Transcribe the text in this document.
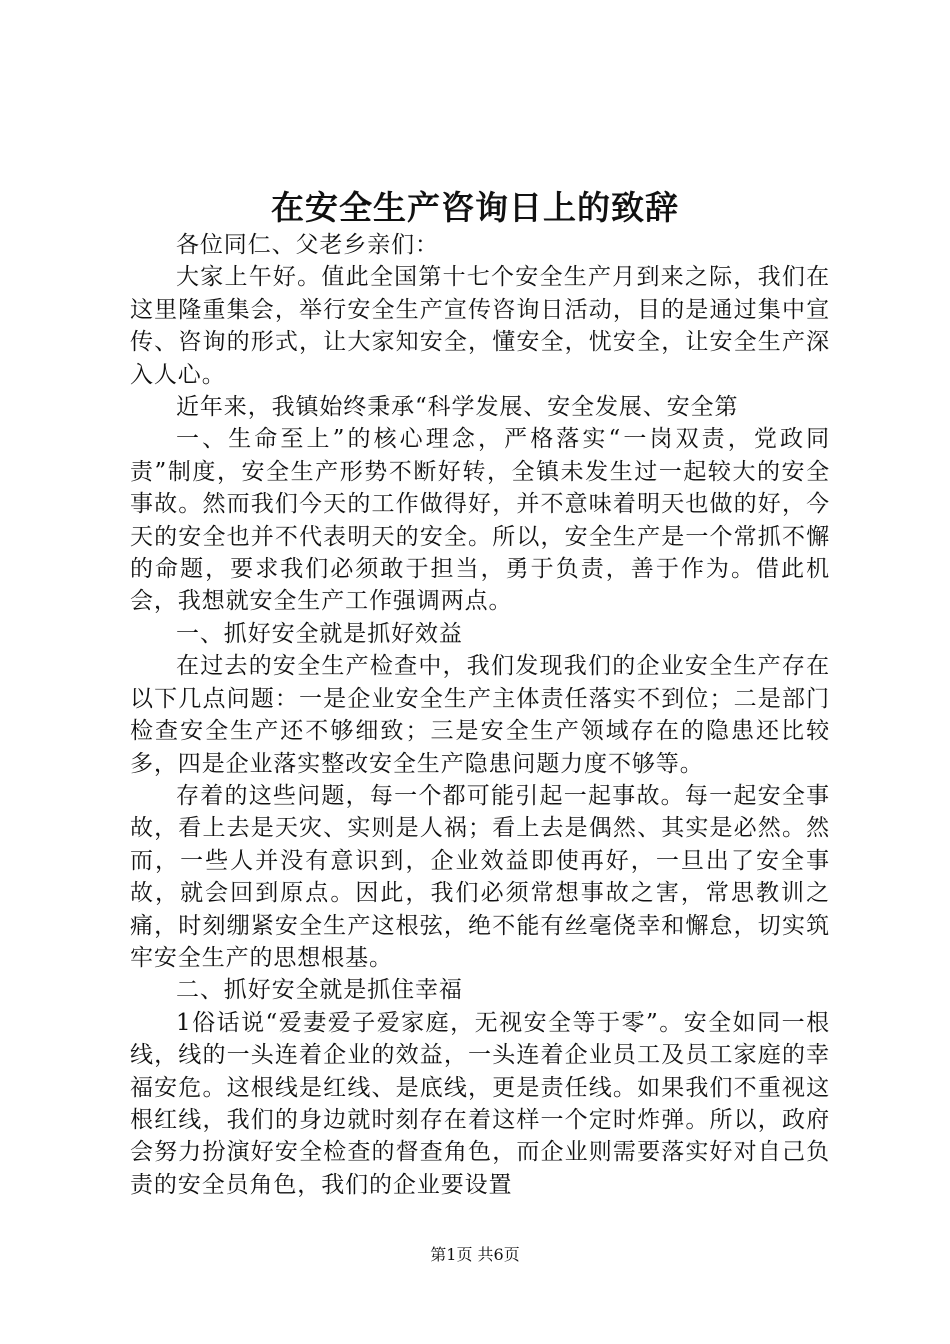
在安全生产咨询日上的致辞

各位同仁、父老乡亲们：

大家上午好。值此全国第十七个安全生产月到来之际，我们在这里隆重集会，举行安全生产宣传咨询日活动，目的是通过集中宣传、咨询的形式，让大家知安全，懂安全，忧安全，让安全生产深入人心。

近年来，我镇始终秉承“科学发展、安全发展、安全第

一、生命至上”的核心理念，严格落实“一岗双责，党政同责”制度，安全生产形势不断好转，全镇未发生过一起较大的安全事故。然而我们今天的工作做得好，并不意味着明天也做的好，今天的安全也并不代表明天的安全。所以，安全生产是一个常抓不懈的命题，要求我们必须敢于担当，勇于负责，善于作为。借此机会，我想就安全生产工作强调两点。

一、抓好安全就是抓好效益

在过去的安全生产检查中，我们发现我们的企业安全生产存在以下几点问题：一是企业安全生产主体责任落实不到位；二是部门检查安全生产还不够细致；三是安全生产领域存在的隐患还比较多，四是企业落实整改安全生产隐患问题力度不够等。

存着的这些问题，每一个都可能引起一起事故。每一起安全事故，看上去是天灾、实则是人祸；看上去是偶然、其实是必然。然而，一些人并没有意识到，企业效益即使再好，一旦出了安全事故，就会回到原点。因此，我们必须常想事故之害，常思教训之痛，时刻绷紧安全生产这根弦，绝不能有丝毫侥幸和懈怠，切实筑牢安全生产的思想根基。

二、抓好安全就是抓住幸福

1俗话说“爱妻爱子爱家庭，无视安全等于零”。安全如同一根线，线的一头连着企业的效益，一头连着企业员工及员工家庭的幸福安危。这根线是红线、是底线，更是责任线。如果我们不重视这根红线，我们的身边就时刻存在着这样一个定时炸弹。所以，政府会努力扮演好安全检查的督查角色，而企业则需要落实好对自己负责的安全员角色，我们的企业要设置

第1页 共6页
